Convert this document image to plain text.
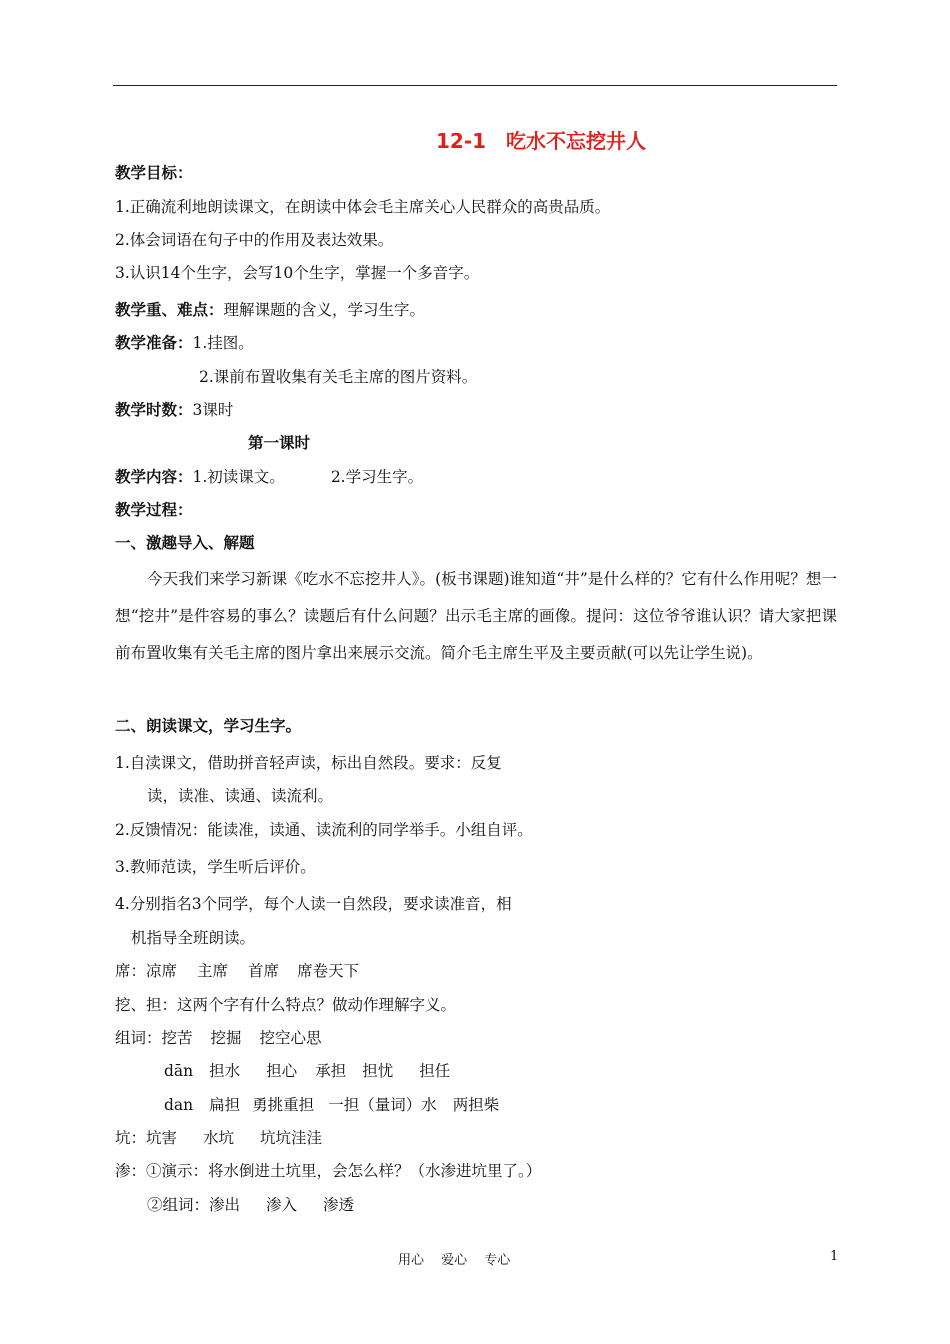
12-1　吃水不忘挖井人
教学目标：
1.正确流利地朗读课文，在朗读中体会毛主席关心人民群众的高贵品质。
2.体会词语在句子中的作用及表达效果。
3.认识14个生字，会写10个生字，掌握一个多音字。
教学重、难点：理解课题的含义，学习生字。
教学准备：1.挂图。
2.课前布置收集有关毛主席的图片资料。
教学时数：3课时
第一课时
教学内容：1.初读课文。	2.学习生字。
教学过程：
一、激趣导入、解题
今天我们来学习新课《吃水不忘挖井人》。(板书课题)谁知道“井”是什么样的？它有什么作用呢？想一想“挖井”是件容易的事么？读题后有什么问题？出示毛主席的画像。提问：这位爷爷谁认识？请大家把课前布置收集有关毛主席的图片拿出来展示交流。简介毛主席生平及主要贡献(可以先让学生说)。
二、朗读课文，学习生字。
1.自渎课文，借助拼音轻声读，标出自然段。要求：反复
读，读准、读通、读流利。
2.反馈情况：能读准，读通、读流利的同学举手。小组自评。
3.教师范读，学生听后评价。
4.分别指名3个同学，每个人读一自然段，要求读准音，相
机指导全班朗读。
席：凉席 主席 首席 席卷天下
挖、担：这两个字有什么特点？做动作理解字义。
组词：挖苦 挖掘 挖空心思
dān 担水 担心 承担 担忧 担任
dan 扁担 勇挑重担 一担（量词）水 两担柴
坑：坑害 水坑 坑坑洼洼
渗：①演示：将水倒进土坑里，会怎么样？（水渗进坑里了。）
②组词：渗出 渗入 渗透
用心　 爱心　 专心	1
